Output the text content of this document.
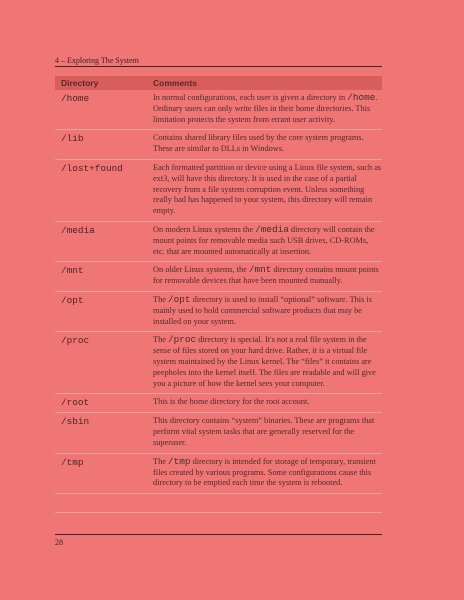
4 – Exploring The System
Directory	Comments
/home	In normal configurations, each user is given a directory in /home. Ordinary users can only write files in their home directories. This limitation protects the system from errant user activity.
/lib	Contains shared library files used by the core system programs. These are similar to DLLs in Windows.
/lost+found	Each formatted partition or device using a Linux file system, such as ext3, will have this directory. It is used in the case of a partial recovery from a file system corruption event. Unless something really bad has happened to your system, this directory will remain empty.
/media	On modern Linux systems the /media directory will contain the mount points for removable media such USB drives, CD-ROMs, etc. that are mounted automatically at insertion.
/mnt	On older Linux systems, the /mnt directory contains mount points for removable devices that have been mounted manually.
/opt	The /opt directory is used to install “optional” software. This is mainly used to hold commercial software products that may be installed on your system.
/proc	The /proc directory is special. It's not a real file system in the sense of files stored on your hard drive. Rather, it is a virtual file system maintained by the Linux kernel. The “files” it contains are peepholes into the kernel itself. The files are readable and will give you a picture of how the kernel sees your computer.
/root	This is the home directory for the root account.
/sbin	This directory contains “system” binaries. These are programs that perform vital system tasks that are generally reserved for the superuser.
/tmp	The /tmp directory is intended for storage of temporary, transient files created by various programs. Some configurations cause this directory to be emptied each time the system is rebooted.
28
